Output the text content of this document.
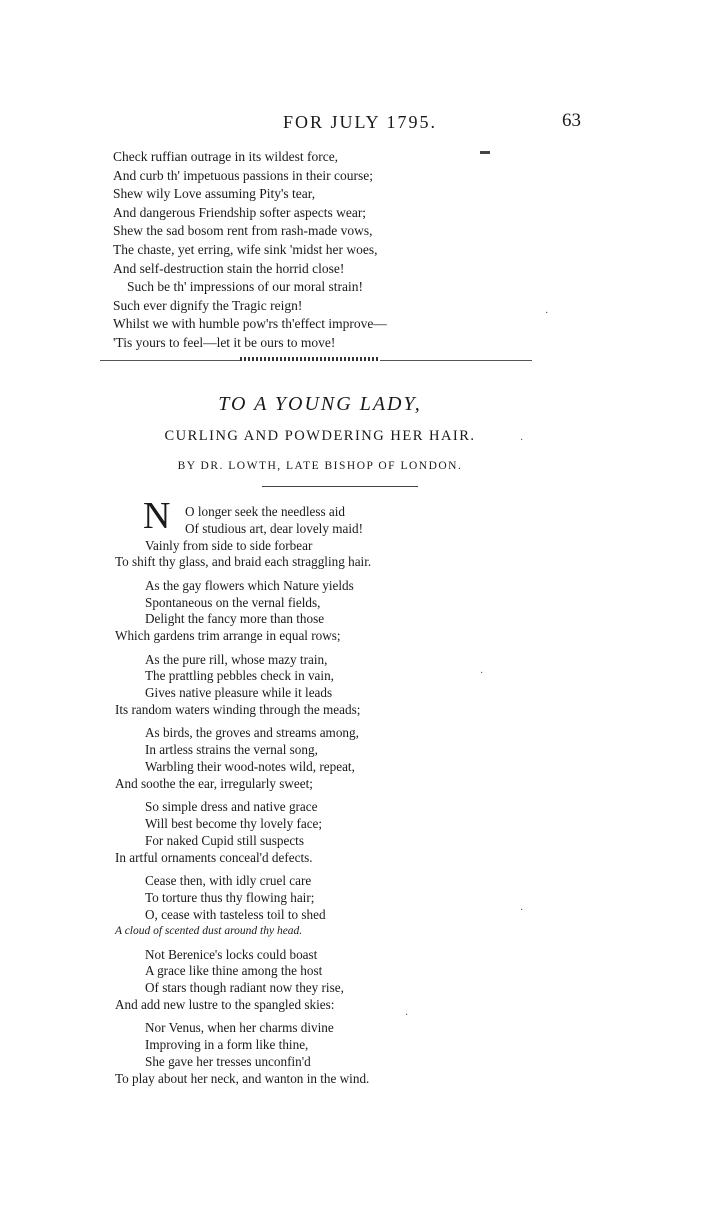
FOR JULY 1795.	63
Check ruffian outrage in its wildest force,
And curb th' impetuous passions in their course;
Shew wily Love assuming Pity's tear,
And dangerous Friendship softer aspects wear;
Shew the sad bosom rent from rash-made vows,
The chaste, yet erring, wife sink 'midst her woes,
And self-destruction stain the horrid close!
Such be th' impressions of our moral strain!
Such ever dignify the Tragic reign!
Whilst we with humble pow'rs th'effect improve—
'Tis yours to feel—let it be ours to move!
TO A YOUNG LADY,
CURLING AND POWDERING HER HAIR.
BY DR. LOWTH, LATE BISHOP OF LONDON.
N	O longer seek the needless aid
Of studious art, dear lovely maid!
Vainly from side to side forbear
To shift thy glass, and braid each straggling hair.
As the gay flowers which Nature yields
Spontaneous on the vernal fields,
Delight the fancy more than those
Which gardens trim arrange in equal rows;
As the pure rill, whose mazy train,
The prattling pebbles check in vain,
Gives native pleasure while it leads
Its random waters winding through the meads;
As birds, the groves and streams among,
In artless strains the vernal song,
Warbling their wood-notes wild, repeat,
And soothe the ear, irregularly sweet;
So simple dress and native grace
Will best become thy lovely face;
For naked Cupid still suspects
In artful ornaments conceal'd defects.
Cease then, with idly cruel care
To torture thus thy flowing hair;
O, cease with tasteless toil to shed
A cloud of scented dust around thy head.
Not Berenice's locks could boast
A grace like thine among the host
Of stars though radiant now they rise,
And add new lustre to the spangled skies:
Nor Venus, when her charms divine
Improving in a form like thine,
She gave her tresses unconfin'd
To play about her neck, and wanton in the wind.
▬
·
·
·
·
·
